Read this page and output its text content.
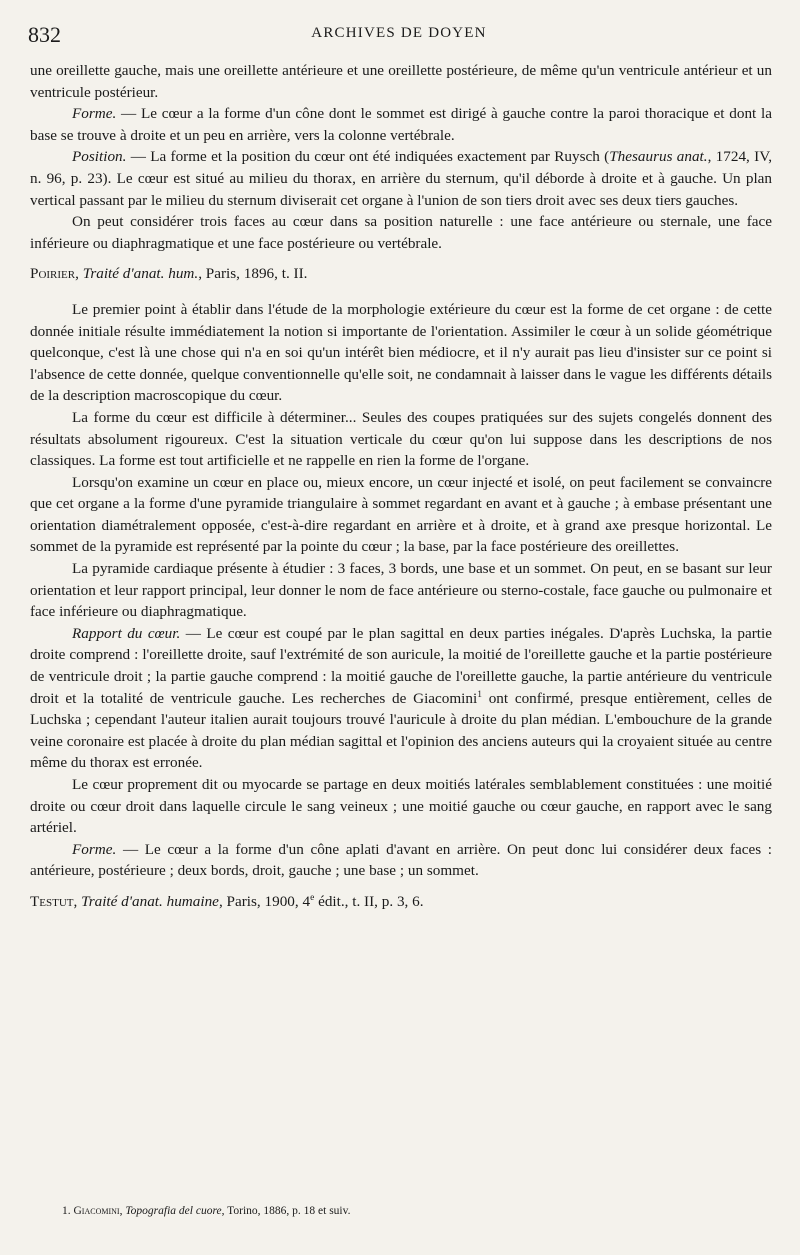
832	ARCHIVES DE DOYEN

une oreillette gauche, mais une oreillette antérieure et une oreillette postérieure, de même qu'un ventricule antérieur et un ventricule postérieur.

Forme. — Le cœur a la forme d'un cône dont le sommet est dirigé à gauche contre la paroi thoracique et dont la base se trouve à droite et un peu en arrière, vers la colonne vertébrale.

Position. — La forme et la position du cœur ont été indiquées exactement par Ruysch (Thesaurus anat., 1724, IV, n. 96, p. 23). Le cœur est situé au milieu du thorax, en arrière du sternum, qu'il déborde à droite et à gauche. Un plan vertical passant par le milieu du sternum diviserait cet organe à l'union de son tiers droit avec ses deux tiers gauches.

On peut considérer trois faces au cœur dans sa position naturelle : une face antérieure ou sternale, une face inférieure ou diaphragmatique et une face postérieure ou vertébrale.

Poirier, Traité d'anat. hum., Paris, 1896, t. II.

Le premier point à établir dans l'étude de la morphologie extérieure du cœur est la forme de cet organe : de cette donnée initiale résulte immédiatement la notion si importante de l'orientation. Assimiler le cœur à un solide géométrique quelconque, c'est là une chose qui n'a en soi qu'un intérêt bien médiocre, et il n'y aurait pas lieu d'insister sur ce point si l'absence de cette donnée, quelque conventionnelle qu'elle soit, ne condamnait à laisser dans le vague les différents détails de la description macroscopique du cœur.

La forme du cœur est difficile à déterminer... Seules des coupes pratiquées sur des sujets congelés donnent des résultats absolument rigoureux. C'est la situation verticale du cœur qu'on lui suppose dans les descriptions de nos classiques. La forme est tout artificielle et ne rappelle en rien la forme de l'organe.

Lorsqu'on examine un cœur en place ou, mieux encore, un cœur injecté et isolé, on peut facilement se convaincre que cet organe a la forme d'une pyramide triangulaire à sommet regardant en avant et à gauche ; à embase présentant une orientation diamétralement opposée, c'est-à-dire regardant en arrière et à droite, et à grand axe presque horizontal. Le sommet de la pyramide est représenté par la pointe du cœur ; la base, par la face postérieure des oreillettes.

La pyramide cardiaque présente à étudier : 3 faces, 3 bords, une base et un sommet. On peut, en se basant sur leur orientation et leur rapport principal, leur donner le nom de face antérieure ou sterno-costale, face gauche ou pulmonaire et face inférieure ou diaphragmatique.

Rapport du cœur. — Le cœur est coupé par le plan sagittal en deux parties inégales. D'après Luchska, la partie droite comprend : l'oreillette droite, sauf l'extrémité de son auricule, la moitié de l'oreillette gauche et la partie postérieure de ventricule droit ; la partie gauche comprend : la moitié gauche de l'oreillette gauche, la partie antérieure du ventricule droit et la totalité de ventricule gauche. Les recherches de Giacomini$^1$ ont confirmé, presque entièrement, celles de Luchska ; cependant l'auteur italien aurait toujours trouvé l'auricule à droite du plan médian. L'embouchure de la grande veine coronaire est placée à droite du plan médian sagittal et l'opinion des anciens auteurs qui la croyaient située au centre même du thorax est erronée.

Le cœur proprement dit ou myocarde se partage en deux moitiés latérales semblablement constituées : une moitié droite ou cœur droit dans laquelle circule le sang veineux ; une moitié gauche ou cœur gauche, en rapport avec le sang artériel.

Forme. — Le cœur a la forme d'un cône aplati d'avant en arrière. On peut donc lui considérer deux faces : antérieure, postérieure ; deux bords, droit, gauche ; une base ; un sommet.

Testut, Traité d'anat. humaine, Paris, 1900, 4e édit., t. II, p. 3, 6.

1. Giacomini, Topografia del cuore, Torino, 1886, p. 18 et suiv.
